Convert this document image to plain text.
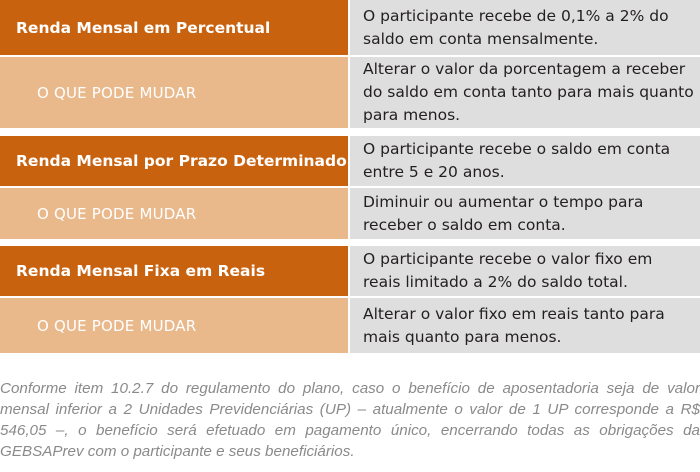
Renda Mensal em Percentual
O participante recebe de 0,1% a 2% do saldo em conta mensalmente.
O QUE PODE MUDAR
Alterar o valor da porcentagem a receber do saldo em conta tanto para mais quanto para menos.
Renda Mensal por Prazo Determinado
O participante recebe o saldo em conta entre 5 e 20 anos.
O QUE PODE MUDAR
Diminuir ou aumentar o tempo para receber o saldo em conta.
Renda Mensal Fixa em Reais
O participante recebe o valor fixo em reais limitado a 2% do saldo total.
O QUE PODE MUDAR
Alterar o valor fixo em reais tanto para mais quanto para menos.
Conforme item 10.2.7 do regulamento do plano, caso o benefício de aposentadoria seja de valor mensal inferior a 2 Unidades Previdenciárias (UP) – atualmente o valor de 1 UP corresponde a R$ 546,05 –, o benefício será efetuado em pagamento único, encerrando todas as obrigações da GEBSAPrev com o participante e seus beneficiários.
